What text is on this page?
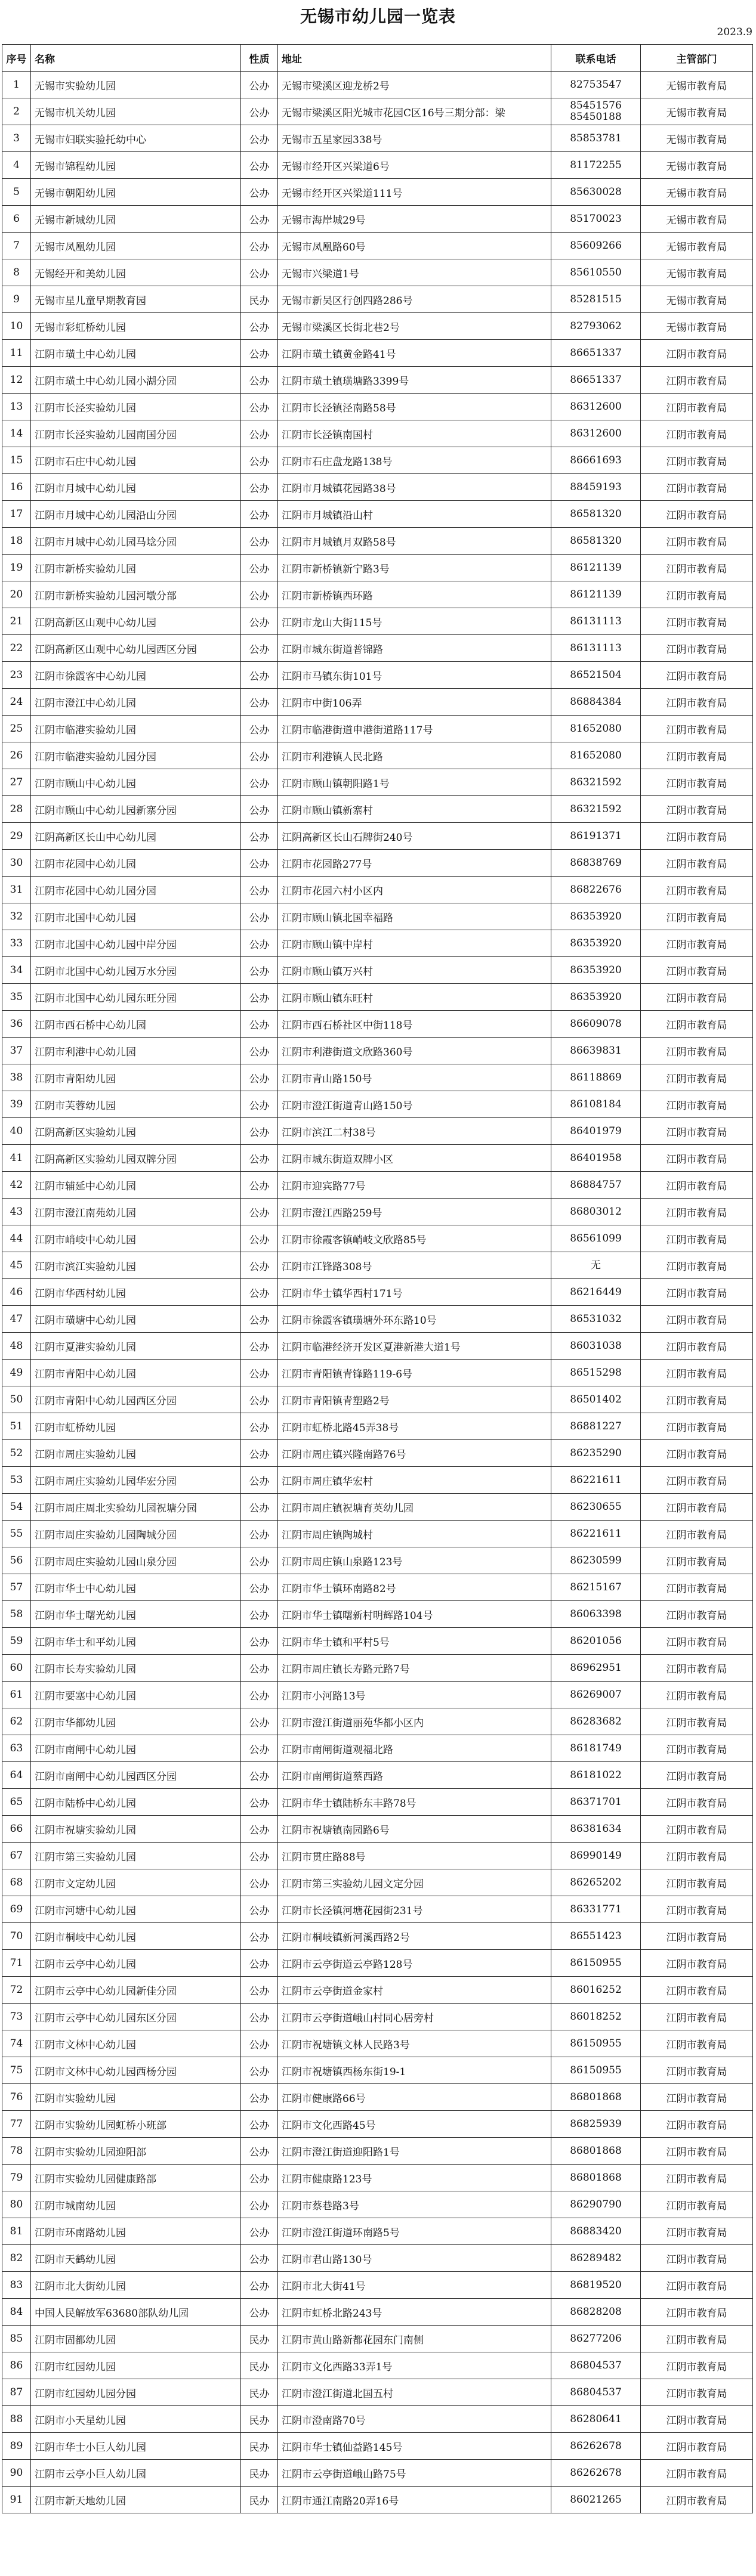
无锡市幼儿园一览表
2023.9
序号	名称	性质	地址	联系电话	主管部门
1	无锡市实验幼儿园	公办	无锡市梁溪区迎龙桥2号	82753547	无锡市教育局
2	无锡市机关幼儿园	公办	无锡市梁溪区阳光城市花园C区16号三期分部：梁	85451576
85450188	无锡市教育局
3	无锡市妇联实验托幼中心	公办	无锡市五星家园338号	85853781	无锡市教育局
4	无锡市锦程幼儿园	公办	无锡市经开区兴梁道6号	81172255	无锡市教育局
5	无锡市朝阳幼儿园	公办	无锡市经开区兴梁道111号	85630028	无锡市教育局
6	无锡市新城幼儿园	公办	无锡市海岸城29号	85170023	无锡市教育局
7	无锡市凤凰幼儿园	公办	无锡市凤凰路60号	85609266	无锡市教育局
8	无锡经开和美幼儿园	公办	无锡市兴梁道1号	85610550	无锡市教育局
9	无锡市星儿童早期教育园	民办	无锡市新吴区行创四路286号	85281515	无锡市教育局
10	无锡市彩虹桥幼儿园	公办	无锡市梁溪区长街北巷2号	82793062	无锡市教育局
11	江阴市璜土中心幼儿园	公办	江阴市璜土镇黄金路41号	86651337	江阴市教育局
12	江阴市璜土中心幼儿园小湖分园	公办	江阴市璜土镇璜塘路3399号	86651337	江阴市教育局
13	江阴市长泾实验幼儿园	公办	江阴市长泾镇泾南路58号	86312600	江阴市教育局
14	江阴市长泾实验幼儿园南国分园	公办	江阴市长泾镇南国村	86312600	江阴市教育局
15	江阴市石庄中心幼儿园	公办	江阴市石庄盘龙路138号	86661693	江阴市教育局
16	江阴市月城中心幼儿园	公办	江阴市月城镇花园路38号	88459193	江阴市教育局
17	江阴市月城中心幼儿园沿山分园	公办	江阴市月城镇沿山村	86581320	江阴市教育局
18	江阴市月城中心幼儿园马埝分园	公办	江阴市月城镇月双路58号	86581320	江阴市教育局
19	江阴市新桥实验幼儿园	公办	江阴市新桥镇新宁路3号	86121139	江阴市教育局
20	江阴市新桥实验幼儿园河墩分部	公办	江阴市新桥镇西环路	86121139	江阴市教育局
21	江阴高新区山观中心幼儿园	公办	江阴市龙山大街115号	86131113	江阴市教育局
22	江阴高新区山观中心幼儿园西区分园	公办	江阴市城东街道普锦路	86131113	江阴市教育局
23	江阴市徐霞客中心幼儿园	公办	江阴市马镇东街101号	86521504	江阴市教育局
24	江阴市澄江中心幼儿园	公办	江阴市中街106弄	86884384	江阴市教育局
25	江阴市临港实验幼儿园	公办	江阴市临港街道申港街道路117号	81652080	江阴市教育局
26	江阴市临港实验幼儿园分园	公办	江阴市利港镇人民北路	81652080	江阴市教育局
27	江阴市顾山中心幼儿园	公办	江阴市顾山镇朝阳路1号	86321592	江阴市教育局
28	江阴市顾山中心幼儿园新寨分园	公办	江阴市顾山镇新寨村	86321592	江阴市教育局
29	江阴高新区长山中心幼儿园	公办	江阴高新区长山石牌街240号	86191371	江阴市教育局
30	江阴市花园中心幼儿园	公办	江阴市花园路277号	86838769	江阴市教育局
31	江阴市花园中心幼儿园分园	公办	江阴市花园六村小区内	86822676	江阴市教育局
32	江阴市北国中心幼儿园	公办	江阴市顾山镇北国幸福路	86353920	江阴市教育局
33	江阴市北国中心幼儿园中岸分园	公办	江阴市顾山镇中岸村	86353920	江阴市教育局
34	江阴市北国中心幼儿园万水分园	公办	江阴市顾山镇万兴村	86353920	江阴市教育局
35	江阴市北国中心幼儿园东旺分园	公办	江阴市顾山镇东旺村	86353920	江阴市教育局
36	江阴市西石桥中心幼儿园	公办	江阴市西石桥社区中街118号	86609078	江阴市教育局
37	江阴市利港中心幼儿园	公办	江阴市利港街道文欣路360号	86639831	江阴市教育局
38	江阴市青阳幼儿园	公办	江阴市青山路150号	86118869	江阴市教育局
39	江阴市芙蓉幼儿园	公办	江阴市澄江街道青山路150号	86108184	江阴市教育局
40	江阴高新区实验幼儿园	公办	江阴市滨江二村38号	86401979	江阴市教育局
41	江阴高新区实验幼儿园双牌分园	公办	江阴市城东街道双牌小区	86401958	江阴市教育局
42	江阴市辅延中心幼儿园	公办	江阴市迎宾路77号	86884757	江阴市教育局
43	江阴市澄江南苑幼儿园	公办	江阴市澄江西路259号	86803012	江阴市教育局
44	江阴市峭岐中心幼儿园	公办	江阴市徐霞客镇峭岐文欣路85号	86561099	江阴市教育局
45	江阴市滨江实验幼儿园	公办	江阴市江锋路308号	无	江阴市教育局
46	江阴市华西村幼儿园	公办	江阴市华士镇华西村171号	86216449	江阴市教育局
47	江阴市璜塘中心幼儿园	公办	江阴市徐霞客镇璜塘外环东路10号	86531032	江阴市教育局
48	江阴市夏港实验幼儿园	公办	江阴市临港经济开发区夏港新港大道1号	86031038	江阴市教育局
49	江阴市青阳中心幼儿园	公办	江阴市青阳镇青锋路119-6号	86515298	江阴市教育局
50	江阴市青阳中心幼儿园西区分园	公办	江阴市青阳镇青塑路2号	86501402	江阴市教育局
51	江阴市虹桥幼儿园	公办	江阴市虹桥北路45弄38号	86881227	江阴市教育局
52	江阴市周庄实验幼儿园	公办	江阴市周庄镇兴隆南路76号	86235290	江阴市教育局
53	江阴市周庄实验幼儿园华宏分园	公办	江阴市周庄镇华宏村	86221611	江阴市教育局
54	江阴市周庄周北实验幼儿园祝塘分园	公办	江阴市周庄镇祝塘育英幼儿园	86230655	江阴市教育局
55	江阴市周庄实验幼儿园陶城分园	公办	江阴市周庄镇陶城村	86221611	江阴市教育局
56	江阴市周庄实验幼儿园山泉分园	公办	江阴市周庄镇山泉路123号	86230599	江阴市教育局
57	江阴市华士中心幼儿园	公办	江阴市华士镇环南路82号	86215167	江阴市教育局
58	江阴市华士曙光幼儿园	公办	江阴市华士镇曙新村明辉路104号	86063398	江阴市教育局
59	江阴市华士和平幼儿园	公办	江阴市华士镇和平村5号	86201056	江阴市教育局
60	江阴市长寿实验幼儿园	公办	江阴市周庄镇长寿路元路7号	86962951	江阴市教育局
61	江阴市要塞中心幼儿园	公办	江阴市小河路13号	86269007	江阴市教育局
62	江阴市华都幼儿园	公办	江阴市澄江街道丽苑华都小区内	86283682	江阴市教育局
63	江阴市南闸中心幼儿园	公办	江阴市南闸街道观福北路	86181749	江阴市教育局
64	江阴市南闸中心幼儿园西区分园	公办	江阴市南闸街道蔡西路	86181022	江阴市教育局
65	江阴市陆桥中心幼儿园	公办	江阴市华士镇陆桥东丰路78号	86371701	江阴市教育局
66	江阴市祝塘实验幼儿园	公办	江阴市祝塘镇南园路6号	86381634	江阴市教育局
67	江阴市第三实验幼儿园	公办	江阴市贯庄路88号	86990149	江阴市教育局
68	江阴市文定幼儿园	公办	江阴市第三实验幼儿园文定分园	86265202	江阴市教育局
69	江阴市河塘中心幼儿园	公办	江阴市长泾镇河塘花园街231号	86331771	江阴市教育局
70	江阴市桐岐中心幼儿园	公办	江阴市桐岐镇新河溪西路2号	86551423	江阴市教育局
71	江阴市云亭中心幼儿园	公办	江阴市云亭街道云亭路128号	86150955	江阴市教育局
72	江阴市云亭中心幼儿园新佳分园	公办	江阴市云亭街道金家村	86016252	江阴市教育局
73	江阴市云亭中心幼儿园东区分园	公办	江阴市云亭街道峨山村同心居旁村	86018252	江阴市教育局
74	江阴市文林中心幼儿园	公办	江阴市祝塘镇文林人民路3号	86150955	江阴市教育局
75	江阴市文林中心幼儿园西杨分园	公办	江阴市祝塘镇西杨东街19-1	86150955	江阴市教育局
76	江阴市实验幼儿园	公办	江阴市健康路66号	86801868	江阴市教育局
77	江阴市实验幼儿园虹桥小班部	公办	江阴市文化西路45号	86825939	江阴市教育局
78	江阴市实验幼儿园迎阳部	公办	江阴市澄江街道迎阳路1号	86801868	江阴市教育局
79	江阴市实验幼儿园健康路部	公办	江阴市健康路123号	86801868	江阴市教育局
80	江阴市城南幼儿园	公办	江阴市蔡巷路3号	86290790	江阴市教育局
81	江阴市环南路幼儿园	公办	江阴市澄江街道环南路5号	86883420	江阴市教育局
82	江阴市天鹤幼儿园	公办	江阴市君山路130号	86289482	江阴市教育局
83	江阴市北大街幼儿园	公办	江阴市北大街41号	86819520	江阴市教育局
84	中国人民解放军63680部队幼儿园	公办	江阴市虹桥北路243号	86828208	江阴市教育局
85	江阴市固都幼儿园	民办	江阴市黄山路新都花园东门南侧	86277206	江阴市教育局
86	江阴市红园幼儿园	民办	江阴市文化西路33弄1号	86804537	江阴市教育局
87	江阴市红园幼儿园分园	民办	江阴市澄江街道北国五村	86804537	江阴市教育局
88	江阴市小天星幼儿园	民办	江阴市澄南路70号	86280641	江阴市教育局
89	江阴市华士小巨人幼儿园	民办	江阴市华士镇仙益路145号	86262678	江阴市教育局
90	江阴市云亭小巨人幼儿园	民办	江阴市云亭街道峨山路75号	86262678	江阴市教育局
91	江阴市新天地幼儿园	民办	江阴市通江南路20弄16号	86021265	江阴市教育局
